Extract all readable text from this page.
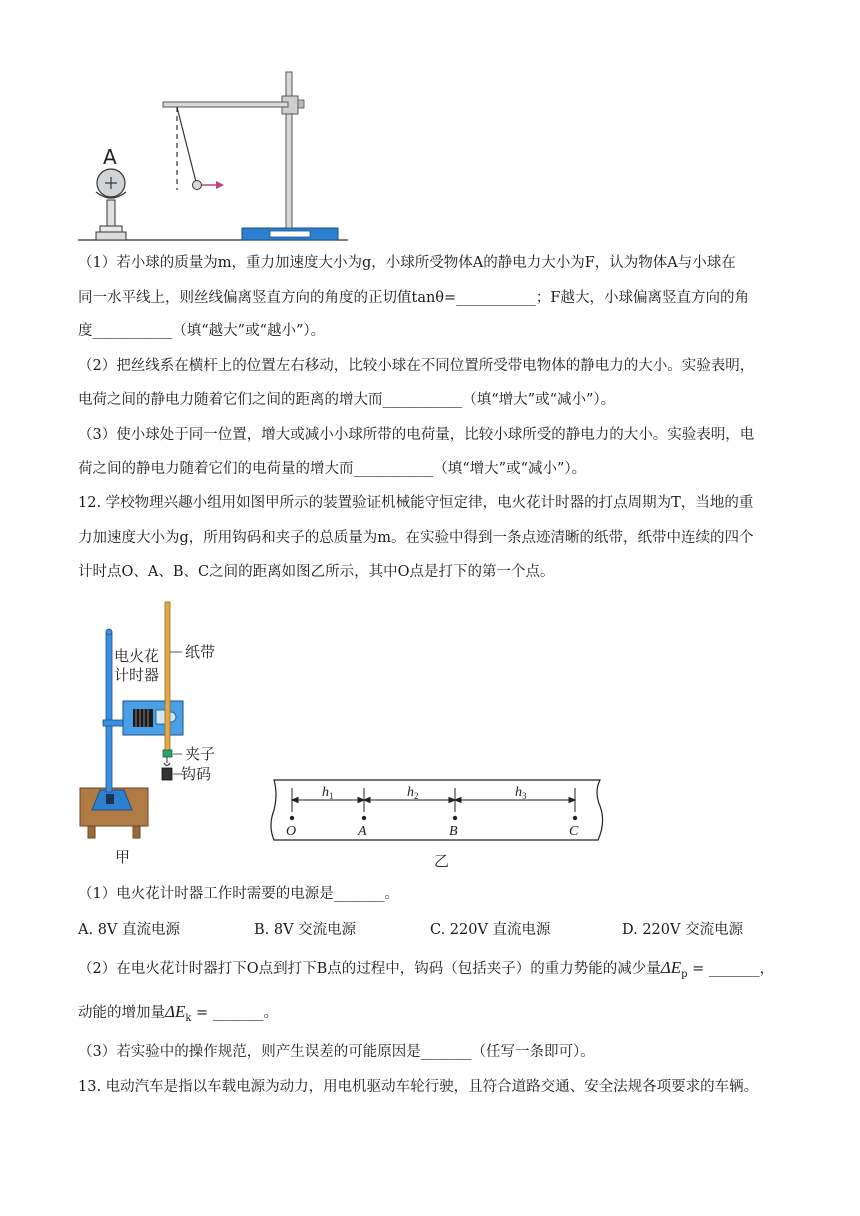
A
（1）若小球的质量为m，重力加速度大小为g，小球所受物体A的静电力大小为F，认为物体A与小球在
同一水平线上，则丝线偏离竖直方向的角度的正切值tanθ=___________；F越大，小球偏离竖直方向的角
度___________（填“越大”或“越小”）。
（2）把丝线系在横杆上的位置左右移动，比较小球在不同位置所受带电物体的静电力的大小。实验表明，
电荷之间的静电力随着它们之间的距离的增大而___________（填“增大”或“减小”）。
（3）使小球处于同一位置，增大或减小小球所带的电荷量，比较小球所受的静电力的大小。实验表明，电
荷之间的静电力随着它们的电荷量的增大而___________（填“增大”或“减小”）。
12. 学校物理兴趣小组用如图甲所示的装置验证机械能守恒定律，电火花计时器的打点周期为T，当地的重
力加速度大小为g，所用钩码和夹子的总质量为m。在实验中得到一条点迹清晰的纸带，纸带中连续的四个
计时点O、A、B、C之间的距离如图乙所示，其中O点是打下的第一个点。
电火花
计时器
纸带
夹子
钩码
甲
$h_1$	$h_2$	$h_3$
O	A	B	C
乙
（1）电火花计时器工作时需要的电源是_______。
A. 8V 直流电源	B. 8V 交流电源	C. 220V 直流电源	D. 220V 交流电源
（2）在电火花计时器打下O点到打下B点的过程中，钩码（包括夹子）的重力势能的减少量$\Delta E_p$ = _______，
动能的增加量$\Delta E_k$ = _______。
（3）若实验中的操作规范，则产生误差的可能原因是_______（任写一条即可）。
13. 电动汽车是指以车载电源为动力，用电机驱动车轮行驶，且符合道路交通、安全法规各项要求的车辆。
